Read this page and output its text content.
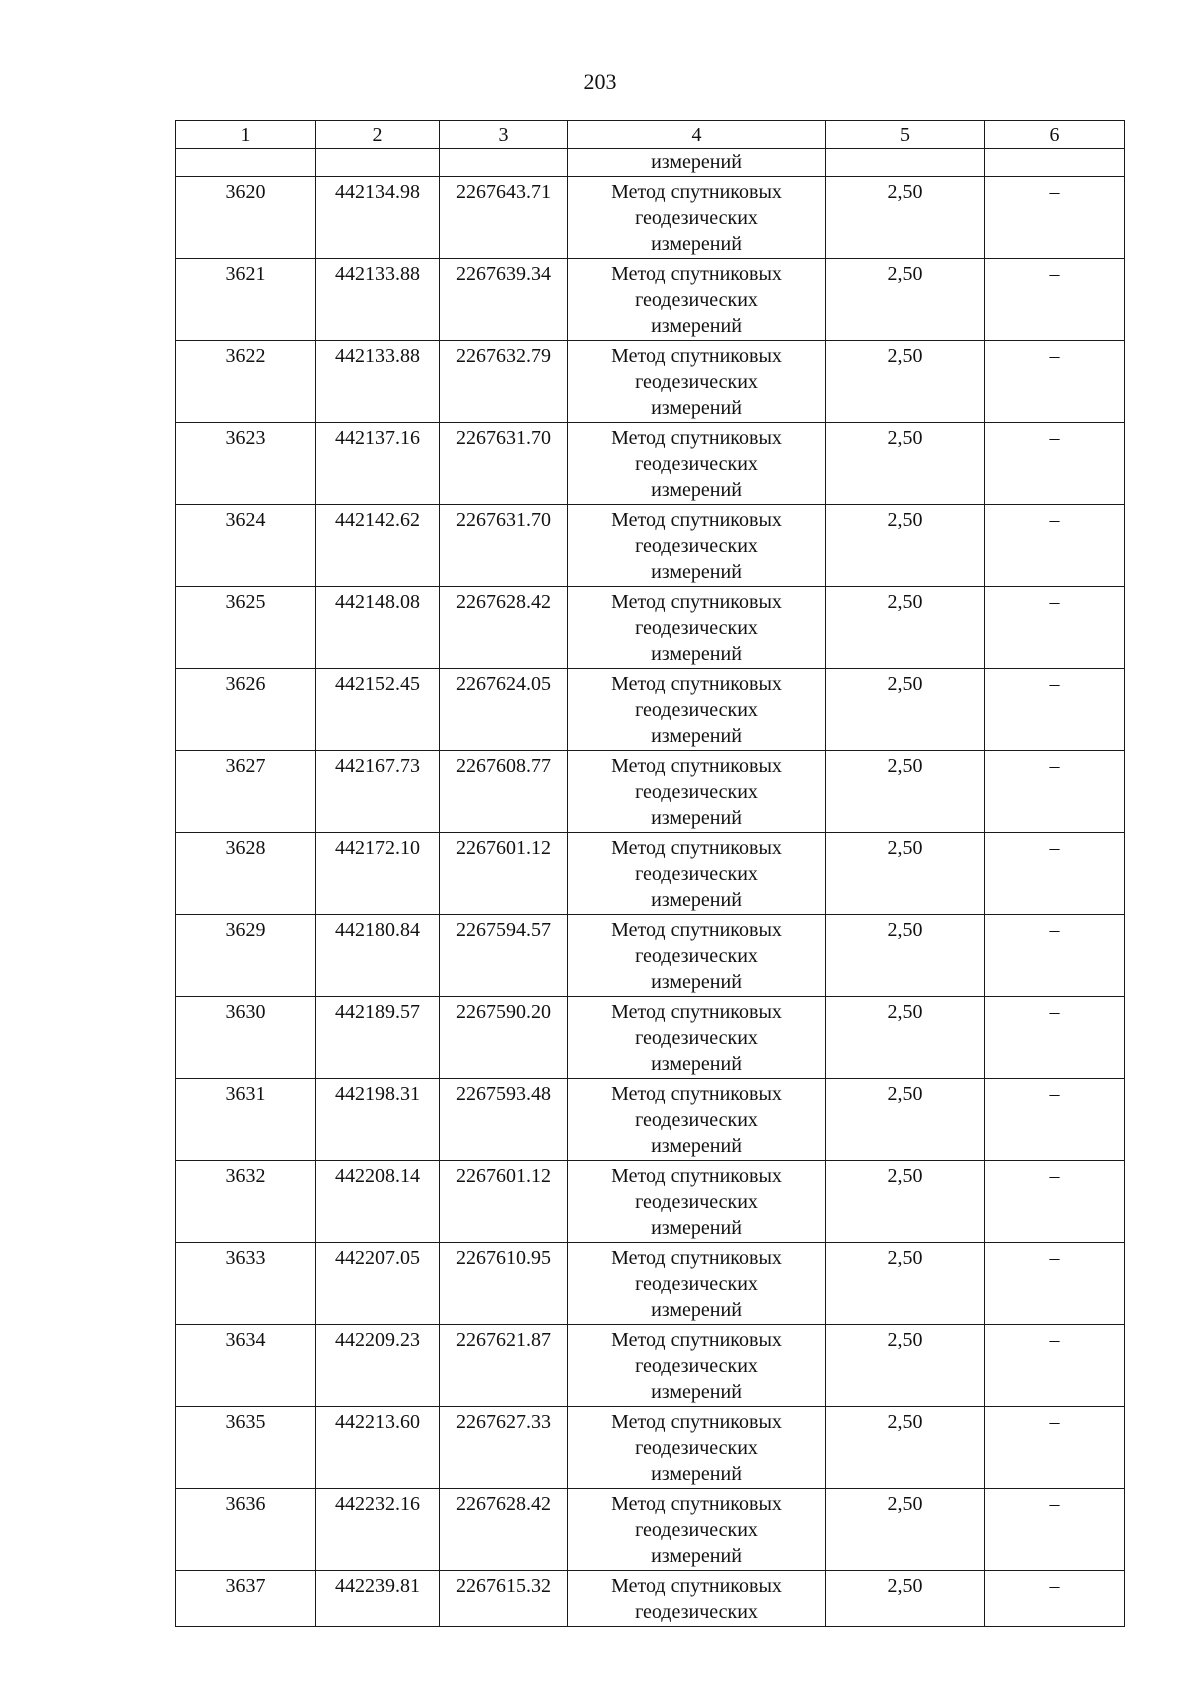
203
1	2	3	4	5	6
			измерений		
3620	442134.98	2267643.71	Метод спутниковых
геодезических
измерений	2,50	–
3621	442133.88	2267639.34	Метод спутниковых
геодезических
измерений	2,50	–
3622	442133.88	2267632.79	Метод спутниковых
геодезических
измерений	2,50	–
3623	442137.16	2267631.70	Метод спутниковых
геодезических
измерений	2,50	–
3624	442142.62	2267631.70	Метод спутниковых
геодезических
измерений	2,50	–
3625	442148.08	2267628.42	Метод спутниковых
геодезических
измерений	2,50	–
3626	442152.45	2267624.05	Метод спутниковых
геодезических
измерений	2,50	–
3627	442167.73	2267608.77	Метод спутниковых
геодезических
измерений	2,50	–
3628	442172.10	2267601.12	Метод спутниковых
геодезических
измерений	2,50	–
3629	442180.84	2267594.57	Метод спутниковых
геодезических
измерений	2,50	–
3630	442189.57	2267590.20	Метод спутниковых
геодезических
измерений	2,50	–
3631	442198.31	2267593.48	Метод спутниковых
геодезических
измерений	2,50	–
3632	442208.14	2267601.12	Метод спутниковых
геодезических
измерений	2,50	–
3633	442207.05	2267610.95	Метод спутниковых
геодезических
измерений	2,50	–
3634	442209.23	2267621.87	Метод спутниковых
геодезических
измерений	2,50	–
3635	442213.60	2267627.33	Метод спутниковых
геодезических
измерений	2,50	–
3636	442232.16	2267628.42	Метод спутниковых
геодезических
измерений	2,50	–
3637	442239.81	2267615.32	Метод спутниковых
геодезических	2,50	–
